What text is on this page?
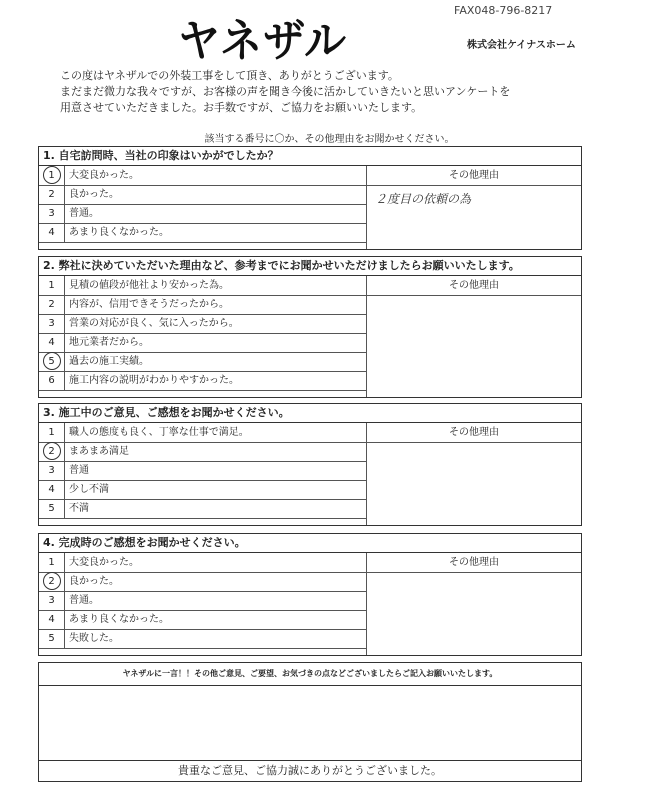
ヤネザル
FAX048-796-8217
株式会社ケイナスホーム
この度はヤネザルでの外装工事をして頂き、ありがとうございます。
まだまだ微力な我々ですが、お客様の声を聞き今後に活かしていきたいと思いアンケートを
用意させていただきました。お手数ですが、ご協力をお願いいたします。
該当する番号に〇か、その他理由をお聞かせください。
1. 自宅訪問時、当社の印象はいかがでしたか？
1	大変良かった。
2	良かった。
3	普通。
4	あまり良くなかった。
その他理由
２度目の依頼の為
2. 弊社に決めていただいた理由など、参考までにお聞かせいただけましたらお願いいたします。
1	見積の値段が他社より安かった為。
2	内容が、信用できそうだったから。
3	営業の対応が良く、気に入ったから。
4	地元業者だから。
5	過去の施工実績。
6	施工内容の説明がわかりやすかった。
その他理由
3. 施工中のご意見、ご感想をお聞かせください。
1	職人の態度も良く、丁寧な仕事で満足。
2	まあまあ満足
3	普通
4	少し不満
5	不満
その他理由
4. 完成時のご感想をお聞かせください。
1	大変良かった。
2	良かった。
3	普通。
4	あまり良くなかった。
5	失敗した。
その他理由
ヤネザルに一言！！その他ご意見、ご要望、お気づきの点などございましたらご記入お願いいたします。
貴重なご意見、ご協力誠にありがとうございました。
